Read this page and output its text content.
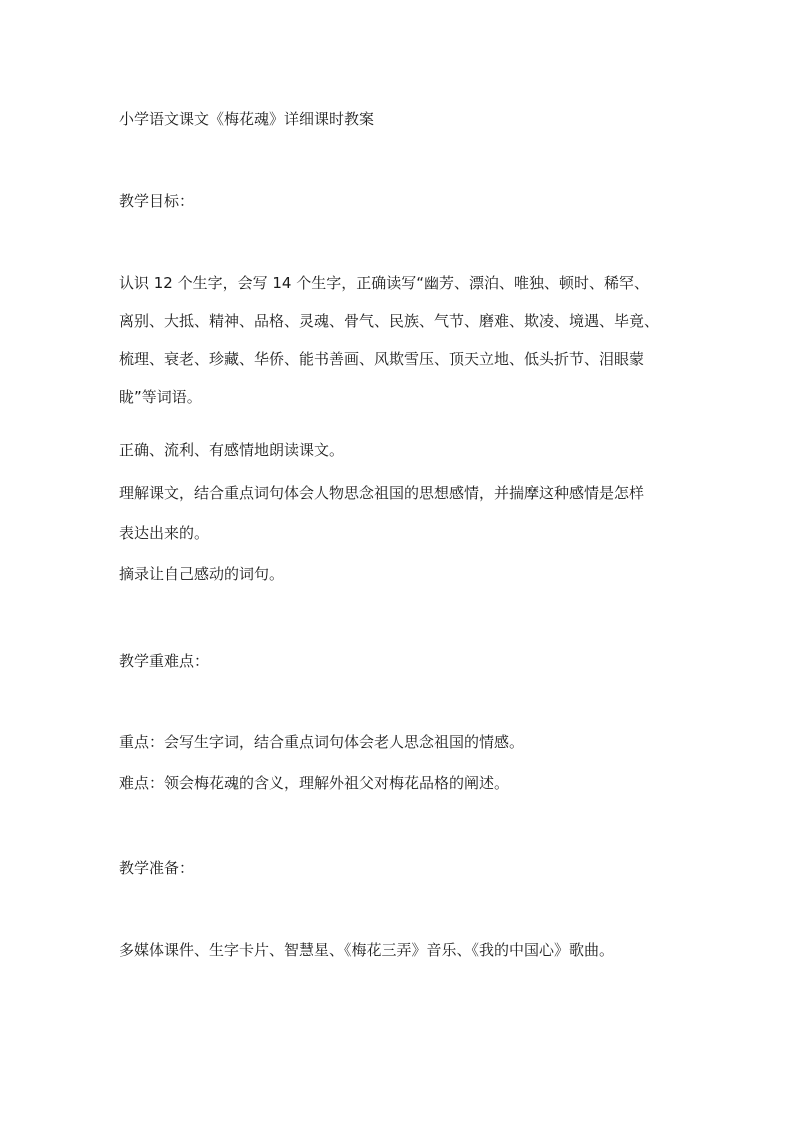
小学语文课文《梅花魂》详细课时教案
教学目标：
认识 12 个生字，会写 14 个生字，正确读写“幽芳、漂泊、唯独、顿时、稀罕、
离别、大抵、精神、品格、灵魂、骨气、民族、气节、磨难、欺凌、境遇、毕竟、
梳理、衰老、珍藏、华侨、能书善画、风欺雪压、顶天立地、低头折节、泪眼蒙
眬”等词语。
正确、流利、有感情地朗读课文。
理解课文，结合重点词句体会人物思念祖国的思想感情，并揣摩这种感情是怎样
表达出来的。
摘录让自己感动的词句。
教学重难点：
重点：会写生字词，结合重点词句体会老人思念祖国的情感。
难点：领会梅花魂的含义，理解外祖父对梅花品格的阐述。
教学准备：
多媒体课件、生字卡片、智慧星、《梅花三弄》音乐、《我的中国心》歌曲。
